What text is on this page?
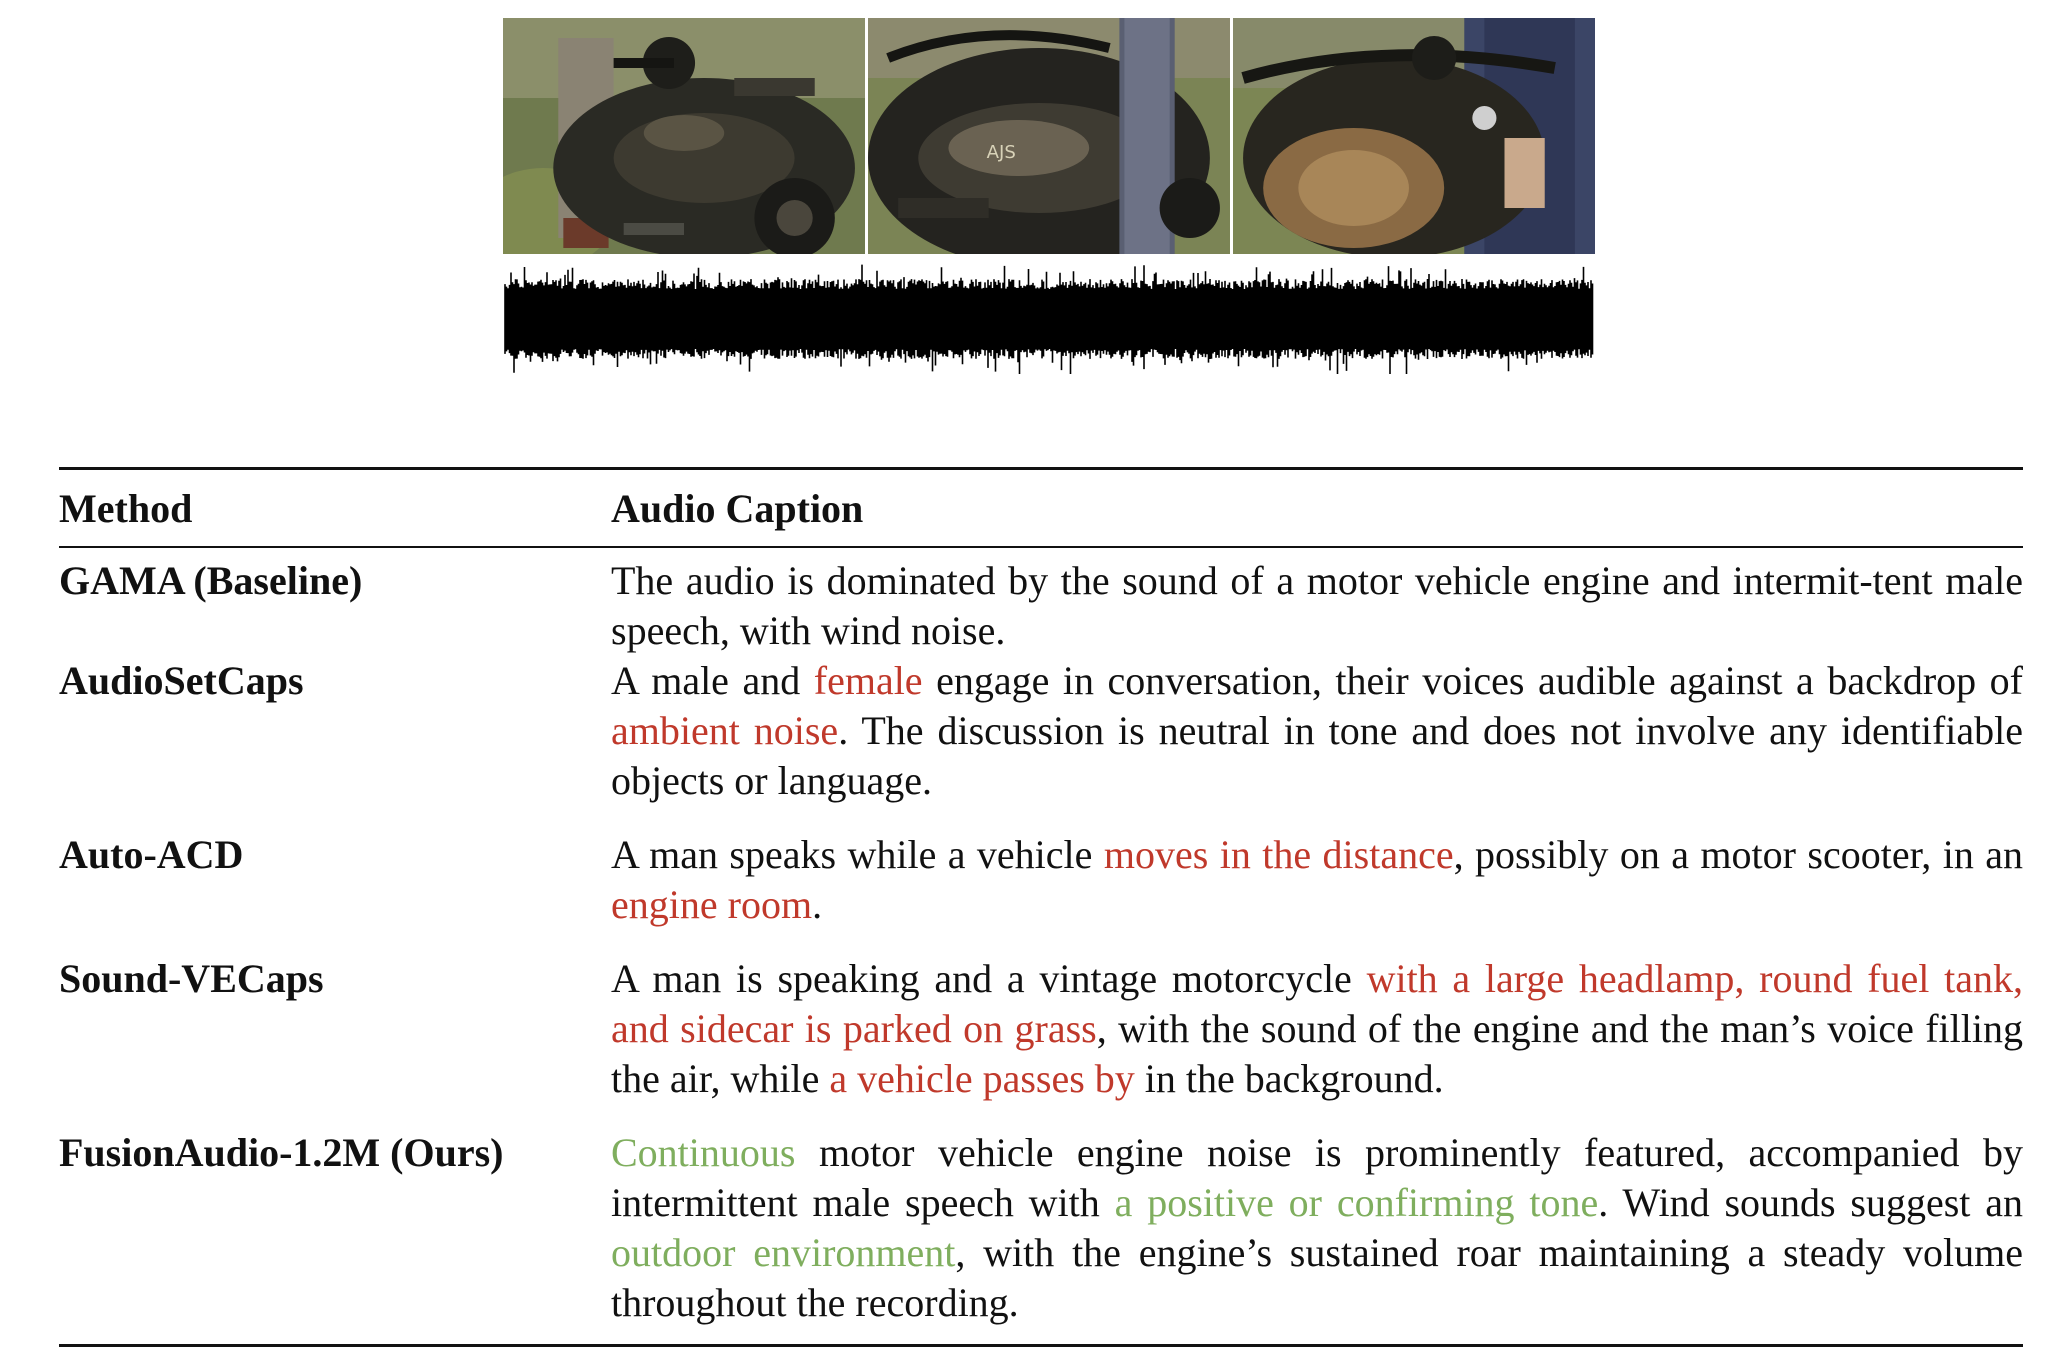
AJS
Method	Audio Caption
GAMA (Baseline)	The audio is dominated by the sound of a motor vehicle engine and intermit-tent male speech, with wind noise.
AudioSetCaps	A male and female engage in conversation, their voices audible against a backdrop of ambient noise. The discussion is neutral in tone and does not involve any identifiable objects or language.
Auto-ACD	A man speaks while a vehicle moves in the distance, possibly on a motor scooter, in an engine room.
Sound-VECaps	A man is speaking and a vintage motorcycle with a large headlamp, round fuel tank, and sidecar is parked on grass, with the sound of the engine and the man’s voice filling the air, while a vehicle passes by in the background.
FusionAudio-1.2M (Ours)	Continuous motor vehicle engine noise is prominently featured, accompanied by intermittent male speech with a positive or confirming tone. Wind sounds suggest an outdoor environment, with the engine’s sustained roar maintaining a steady volume throughout the recording.
